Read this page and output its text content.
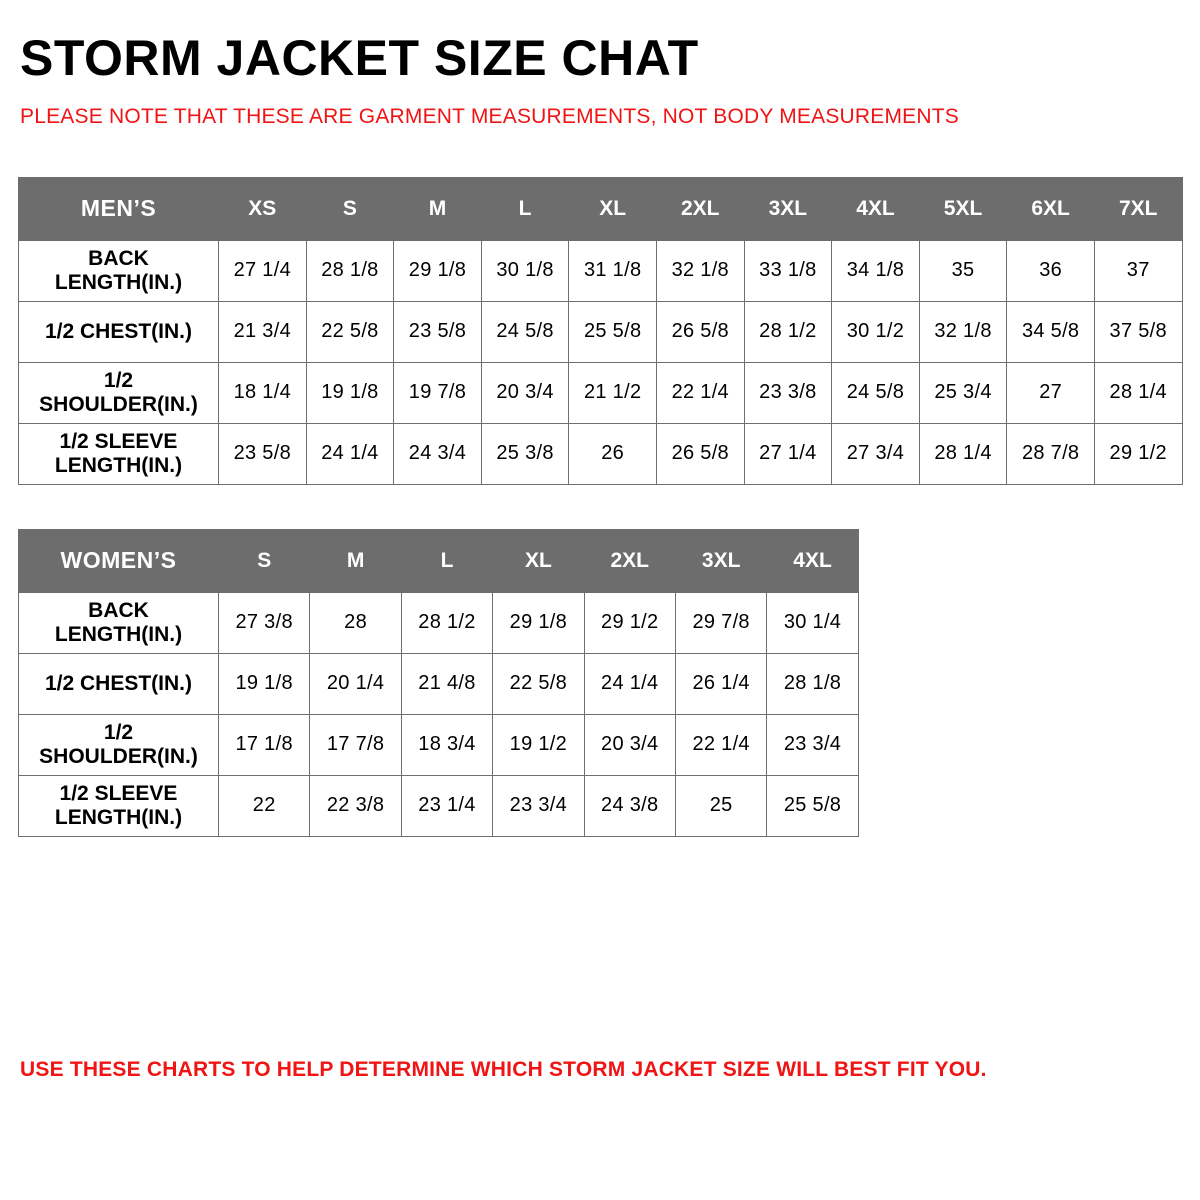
STORM JACKET SIZE CHAT

PLEASE NOTE THAT THESE ARE GARMENT MEASUREMENTS, NOT BODY MEASUREMENTS

MEN’S	XS	S	M	L	XL	2XL	3XL	4XL	5XL	6XL	7XL
BACK LENGTH(IN.)	27 1/4	28 1/8	29 1/8	30 1/8	31 1/8	32 1/8	33 1/8	34 1/8	35	36	37
1/2 CHEST(IN.)	21 3/4	22 5/8	23 5/8	24 5/8	25 5/8	26 5/8	28 1/2	30 1/2	32 1/8	34 5/8	37 5/8
1/2 SHOULDER(IN.)	18 1/4	19 1/8	19 7/8	20 3/4	21 1/2	22 1/4	23 3/8	24 5/8	25 3/4	27	28 1/4
1/2 SLEEVE LENGTH(IN.)	23 5/8	24 1/4	24 3/4	25 3/8	26	26 5/8	27 1/4	27 3/4	28 1/4	28 7/8	29 1/2
WOMEN’S	S	M	L	XL	2XL	3XL	4XL
BACK LENGTH(IN.)	27 3/8	28	28 1/2	29 1/8	29 1/2	29 7/8	30 1/4
1/2 CHEST(IN.)	19 1/8	20 1/4	21 4/8	22 5/8	24 1/4	26 1/4	28 1/8
1/2 SHOULDER(IN.)	17 1/8	17 7/8	18 3/4	19 1/2	20 3/4	22 1/4	23 3/4
1/2 SLEEVE LENGTH(IN.)	22	22 3/8	23 1/4	23 3/4	24 3/8	25	25 5/8
USE THESE CHARTS TO HELP DETERMINE WHICH STORM JACKET SIZE WILL BEST FIT YOU.
